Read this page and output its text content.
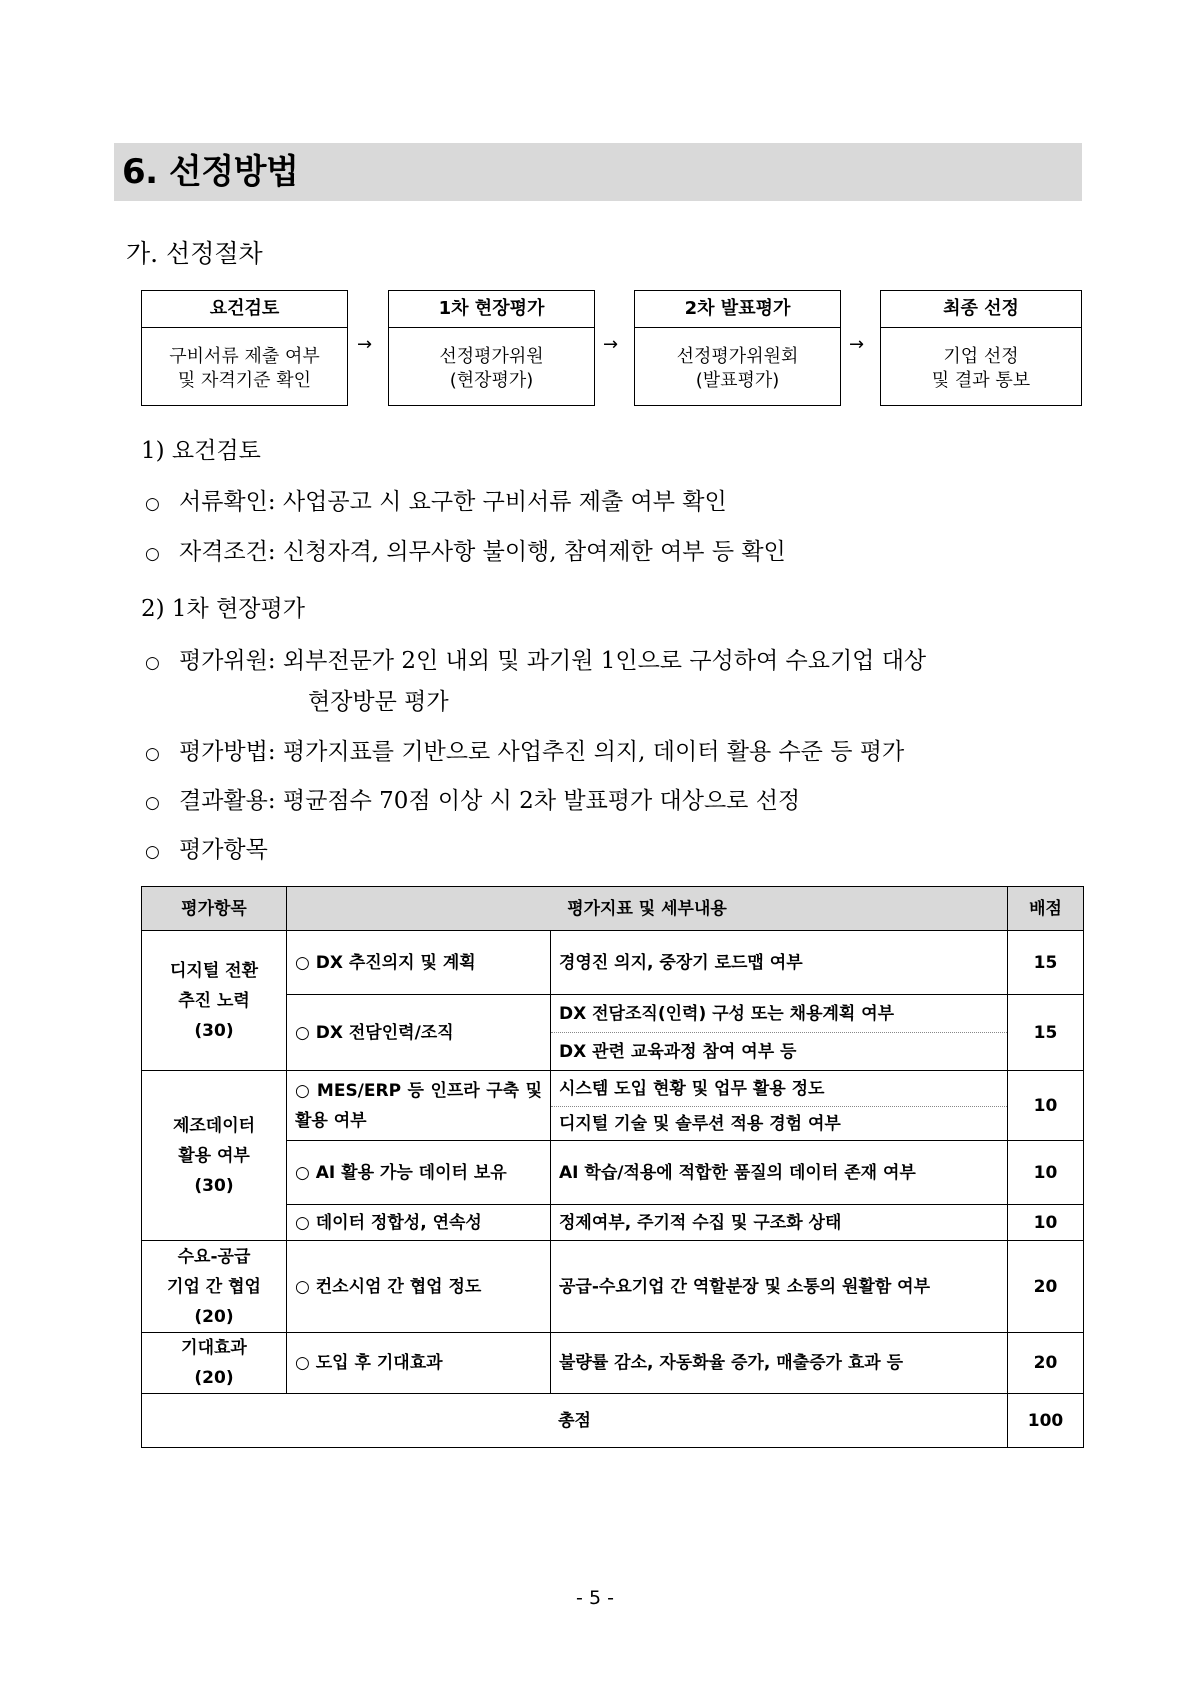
6. 선정방법
가. 선정절차
요건검토
구비서류 제출 여부
및 자격기준 확인
→
1차 현장평가
선정평가위원
(현장평가)
→
2차 발표평가
선정평가위원회
(발표평가)
→
최종 선정
기업 선정
및 결과 통보
1) 요건검토
○ 서류확인: 사업공고 시 요구한 구비서류 제출 여부 확인
○ 자격조건: 신청자격, 의무사항 불이행, 참여제한 여부 등 확인
2) 1차 현장평가
○ 평가위원: 외부전문가 2인 내외 및 과기원 1인으로 구성하여 수요기업 대상
현장방문 평가
○ 평가방법: 평가지표를 기반으로 사업추진 의지, 데이터 활용 수준 등 평가
○ 결과활용: 평균점수 70점 이상 시 2차 발표평가 대상으로 선정
○ 평가항목
평가항목	평가지표 및 세부내용		배점

디지털 전환
추진 노력
(30)	○ DX 추진의지 및 계획	경영진 의지, 중장기 로드맵 여부	15
	○ DX 전담인력/조직	DX 전담조직(인력) 구성 또는 채용계획 여부	15
		DX 관련 교육과정 참여 여부 등	

제조데이터
활용 여부
(30)	○ MES/ERP 등 인프라 구축 및 활용 여부	시스템 도입 현황 및 업무 활용 정도	10
		디지털 기술 및 솔루션 적용 경험 여부	
	○ AI 활용 가능 데이터 보유	AI 학습/적용에 적합한 품질의 데이터 존재 여부	10
	○ 데이터 정합성, 연속성	정제여부, 주기적 수집 및 구조화 상태	10

수요-공급
기업 간 협업
(20)	○ 컨소시엄 간 협업 정도	공급-수요기업 간 역할분장 및 소통의 원활함 여부	20

기대효과
(20)	○ 도입 후 기대효과	불량률 감소, 자동화율 증가, 매출증가 효과 등	20
총점			100
- 5 -
